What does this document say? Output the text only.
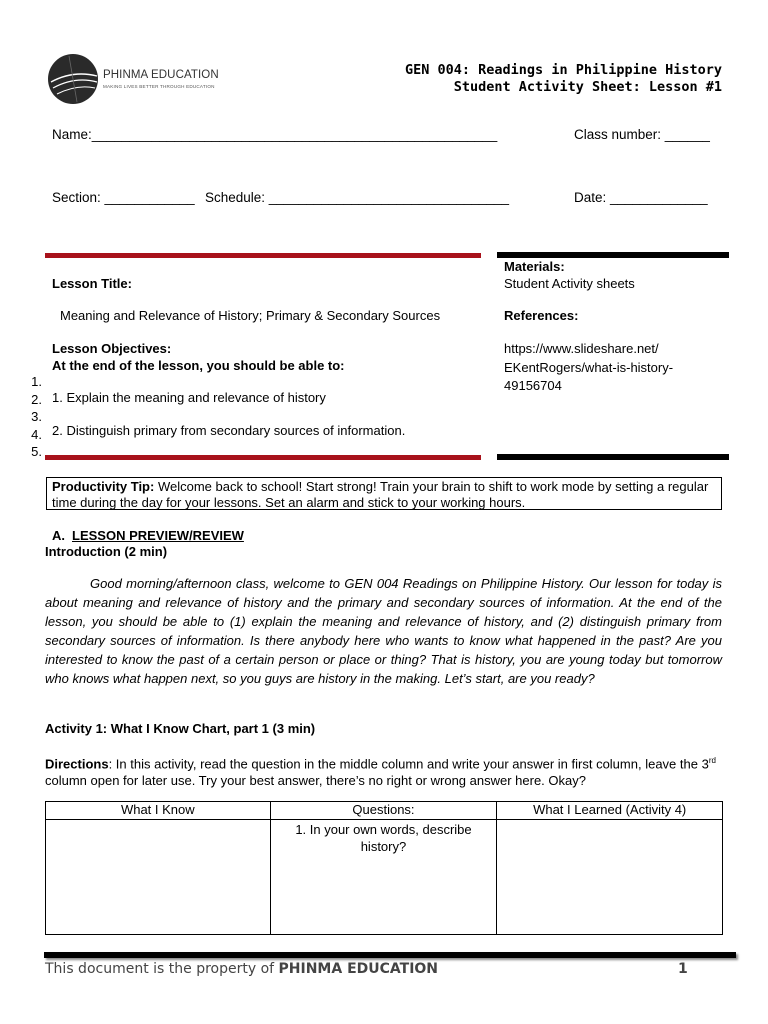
PHINMA EDUCATION
MAKING LIVES BETTER THROUGH EDUCATION
GEN 004: Readings in Philippine History
Student Activity Sheet: Lesson #1
Name:______________________________________________________	Class number: ______
Section: ____________ Schedule: ________________________________	Date: _____________
Lesson Title:
Meaning and Relevance of History; Primary & Secondary Sources
Lesson Objectives:
At the end of the lesson, you should be able to:
1.
2.
3.
4.
5.
1. Explain the meaning and relevance of history
2. Distinguish primary from secondary sources of information.
Materials:
Student Activity sheets
References:
https://www.slideshare.net/
EKentRogers/what-is-history-
49156704
Productivity Tip: Welcome back to school! Start strong! Train your brain to shift to work mode by setting a regular time during the day for your lessons. Set an alarm and stick to your working hours.
A. LESSON PREVIEW/REVIEW
Introduction (2 min)
Good morning/afternoon class, welcome to GEN 004 Readings on Philippine History. Our lesson for today is about meaning and relevance of history and the primary and secondary sources of information. At the end of the lesson, you should be able to (1) explain the meaning and relevance of history, and (2) distinguish primary from secondary sources of information. Is there anybody here who wants to know what happened in the past? Are you interested to know the past of a certain person or place or thing? That is history, you are young today but tomorrow who knows what happen next, so you guys are history in the making. Let’s start, are you ready?
Activity 1: What I Know Chart, part 1 (3 min)
Directions: In this activity, read the question in the middle column and write your answer in first column, leave the 3rd column open for later use. Try your best answer, there’s no right or wrong answer here. Okay?
What I Know	Questions:	What I Learned (Activity 4)

	1. In your own words, describe history?	

This document is the property of PHINMA EDUCATION	1
